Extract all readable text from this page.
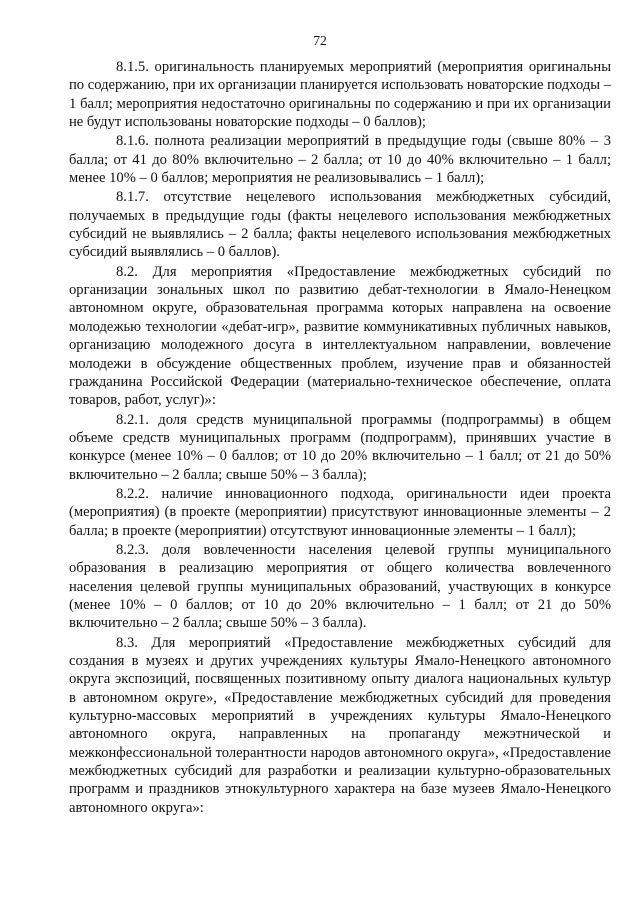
72

8.1.5. оригинальность планируемых мероприятий (мероприятия оригинальны по содержанию, при их организации планируется использовать новаторские подходы – 1 балл; мероприятия недостаточно оригинальны по содержанию и при их организации не будут использованы новаторские подходы – 0 баллов);

8.1.6. полнота реализации мероприятий в предыдущие годы (свыше 80% – 3 балла; от 41 до 80% включительно – 2 балла; от 10 до 40% включительно – 1 балл; менее 10% – 0 баллов; мероприятия не реализовывались – 1 балл);

8.1.7. отсутствие нецелевого использования межбюджетных субсидий, получаемых в предыдущие годы (факты нецелевого использования межбюджетных субсидий не выявлялись – 2 балла; факты нецелевого использования межбюджетных субсидий выявлялись – 0 баллов).

8.2. Для мероприятия «Предоставление межбюджетных субсидий по организации зональных школ по развитию дебат-технологии в Ямало-Ненецком автономном округе, образовательная программа которых направлена на освоение молодежью технологии «дебат-игр», развитие коммуникативных публичных навыков, организацию молодежного досуга в интеллектуальном направлении, вовлечение молодежи в обсуждение общественных проблем, изучение прав и обязанностей гражданина Российской Федерации (материально-техническое обеспечение, оплата товаров, работ, услуг)»:

8.2.1. доля средств муниципальной программы (подпрограммы) в общем объеме средств муниципальных программ (подпрограмм), принявших участие в конкурсе (менее 10% – 0 баллов; от 10 до 20% включительно – 1 балл; от 21 до 50% включительно – 2 балла; свыше 50% – 3 балла);

8.2.2. наличие инновационного подхода, оригинальности идеи проекта (мероприятия) (в проекте (мероприятии) присутствуют инновационные элементы – 2 балла; в проекте (мероприятии) отсутствуют инновационные элементы – 1 балл);

8.2.3. доля вовлеченности населения целевой группы муниципального образования в реализацию мероприятия от общего количества вовлеченного населения целевой группы муниципальных образований, участвующих в конкурсе (менее 10% – 0 баллов; от 10 до 20% включительно – 1 балл; от 21 до 50% включительно – 2 балла; свыше 50% – 3 балла).

8.3. Для мероприятий «Предоставление межбюджетных субсидий для создания в музеях и других учреждениях культуры Ямало-Ненецкого автономного округа экспозиций, посвященных позитивному опыту диалога национальных культур в автономном округе», «Предоставление межбюджетных субсидий для проведения культурно-массовых мероприятий в учреждениях культуры Ямало-Ненецкого автономного округа, направленных на пропаганду межэтнической и межконфессиональной толерантности народов автономного округа», «Предоставление межбюджетных субсидий для разработки и реализации культурно-образовательных программ и праздников этнокультурного характера на базе музеев Ямало-Ненецкого автономного округа»:
